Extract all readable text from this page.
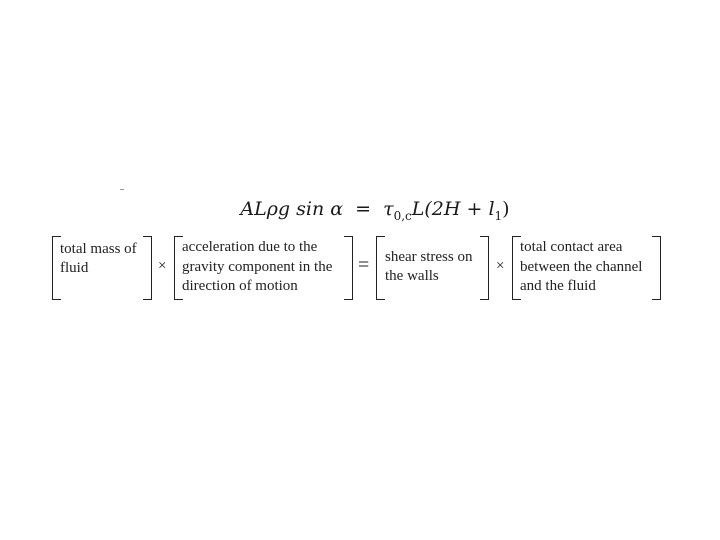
ALρg $\sin \alpha = \tau_{0,c}L(2H + l_1)$
total mass of
fluid	×
acceleration due to the
gravity component in the
direction of motion
= shear stress on
the walls
×
total contact area
between the channel
and the fluid
